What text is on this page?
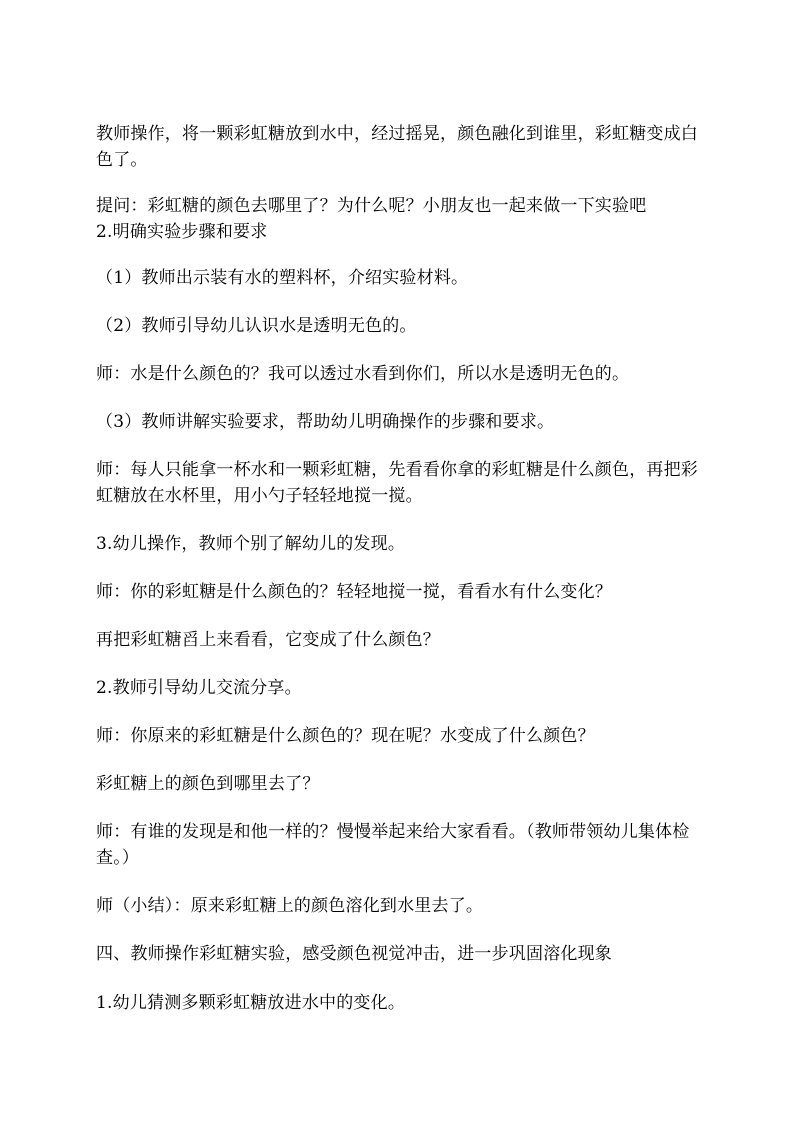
教师操作，将一颗彩虹糖放到水中，经过摇晃，颜色融化到谁里，彩虹糖变成白色了。

提问：彩虹糖的颜色去哪里了？为什么呢？小朋友也一起来做一下实验吧

2.明确实验步骤和要求

（1）教师出示装有水的塑料杯，介绍实验材料。

（2）教师引导幼儿认识水是透明无色的。

师：水是什么颜色的？我可以透过水看到你们，所以水是透明无色的。

（3）教师讲解实验要求，帮助幼儿明确操作的步骤和要求。

师：每人只能拿一杯水和一颗彩虹糖，先看看你拿的彩虹糖是什么颜色，再把彩虹糖放在水杯里，用小勺子轻轻地搅一搅。

3.幼儿操作，教师个别了解幼儿的发现。

师：你的彩虹糖是什么颜色的？轻轻地搅一搅，看看水有什么变化？

再把彩虹糖舀上来看看，它变成了什么颜色？

2.教师引导幼儿交流分享。

师：你原来的彩虹糖是什么颜色的？现在呢？水变成了什么颜色？

彩虹糖上的颜色到哪里去了？

师：有谁的发现是和他一样的？慢慢举起来给大家看看。（教师带领幼儿集体检查。）

师（小结）：原来彩虹糖上的颜色溶化到水里去了。

四、教师操作彩虹糖实验，感受颜色视觉冲击，进一步巩固溶化现象

1.幼儿猜测多颗彩虹糖放进水中的变化。
